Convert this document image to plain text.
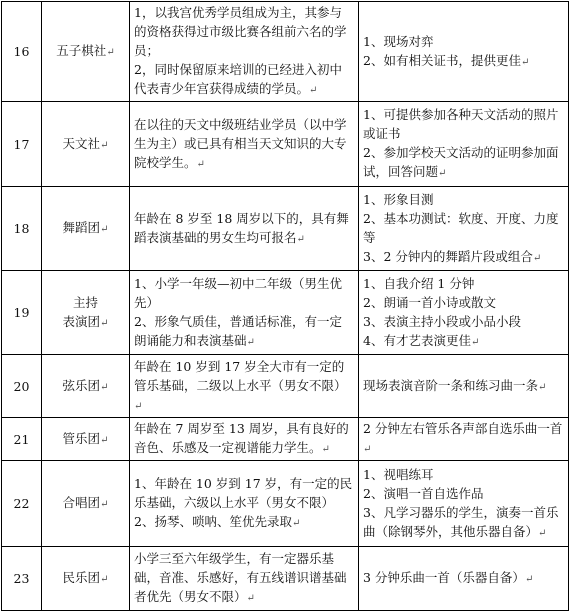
16	五子棋社↵	1，以我宫优秀学员组成为主，其参与的资格获得过市级比赛各组前六名的学员；
2，同时保留原来培训的已经进入初中代表青少年宫获得成绩的学员。↵	1、现场对弈
2、如有相关证书，提供更佳↵

17	天文社↵	在以往的天文中级班结业学员（以中学生为主）或已具有相当天文知识的大专院校学生。↵	1、可提供参加各种天文活动的照片或证书
2、参加学校天文活动的证明参加面试，回答问题↵

18	舞蹈团↵	年龄在 8 岁至 18 周岁以下的，具有舞蹈表演基础的男女生均可报名↵	1、形象目测
2、基本功测试：软度、开度、力度等
3、2 分钟内的舞蹈片段或组合↵

19	主持
表演团↵	1、小学一年级—初中二年级（男生优先）
2、形象气质佳，普通话标准，有一定朗诵能力和表演基础↵	1、自我介绍 1 分钟
2、朗诵一首小诗或散文
3、表演主持小段或小品小段
4、有才艺表演更佳↵

20	弦乐团↵	年龄在 10 岁到 17 岁全大市有一定的管乐基础，二级以上水平（男女不限）↵	现场表演音阶一条和练习曲一条↵

21	管乐团↵	年龄在 7 周岁至 13 周岁，具有良好的音色、乐感及一定视谱能力学生。↵	2 分钟左右管乐各声部自选乐曲一首↵

22	合唱团↵	1、年龄在 10 岁到 17 岁，有一定的民乐基础，六级以上水平（男女不限）
2、扬琴、唢呐、笙优先录取↵	1、视唱练耳
2、演唱一首自选作品
3、凡学习器乐的学生，演奏一首乐曲（除钢琴外，其他乐器自备）↵

23	民乐团↵	小学三至六年级学生，有一定器乐基础，音准、乐感好，有五线谱识谱基础者优先（男女不限）↵	3 分钟乐曲一首（乐器自备）↵
